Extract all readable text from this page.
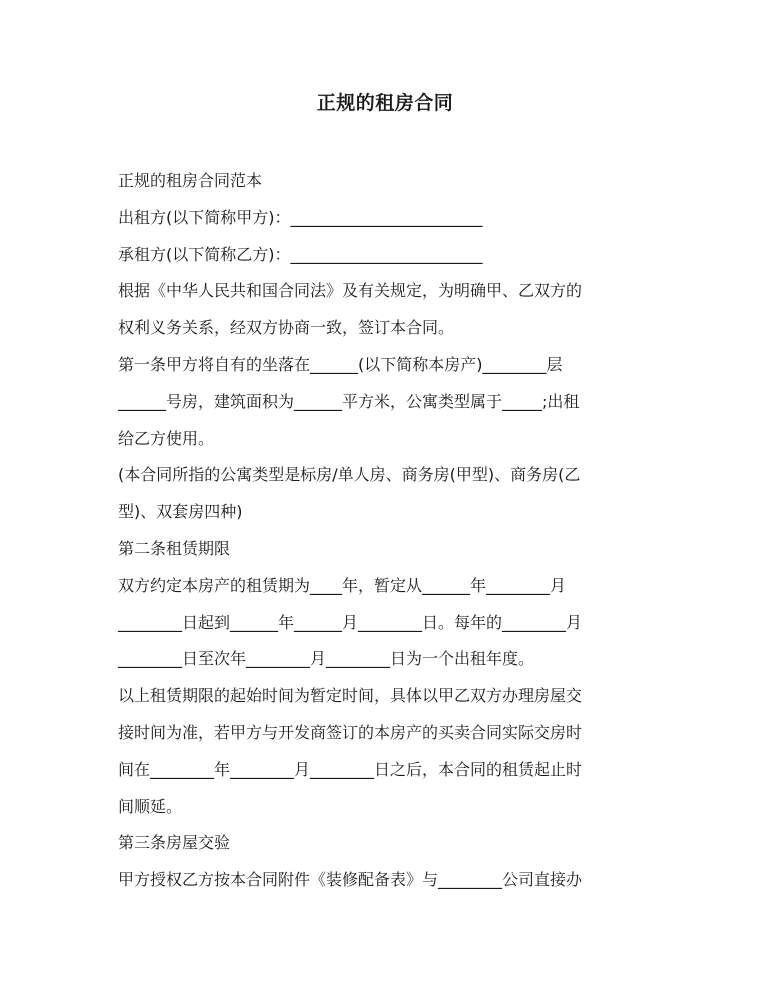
正规的租房合同

正规的租房合同范本

出租方(以下简称甲方)：________________________

承租方(以下简称乙方)：________________________

根据《中华人民共和国合同法》及有关规定，为明确甲、乙双方的

权利义务关系，经双方协商一致，签订本合同。

第一条甲方将自有的坐落在______(以下简称本房产)________层

______号房，建筑面积为______平方米，公寓类型属于_____;出租

给乙方使用。

(本合同所指的公寓类型是标房/单人房、商务房(甲型)、商务房(乙

型)、双套房四种)

第二条租赁期限

双方约定本房产的租赁期为____年，暂定从______年________月

________日起到______年______月________日。每年的________月

________日至次年________月________日为一个出租年度。

以上租赁期限的起始时间为暂定时间，具体以甲乙双方办理房屋交

接时间为准，若甲方与开发商签订的本房产的买卖合同实际交房时

间在________年________月________日之后，本合同的租赁起止时

间顺延。

第三条房屋交验

甲方授权乙方按本合同附件《装修配备表》与________公司直接办
